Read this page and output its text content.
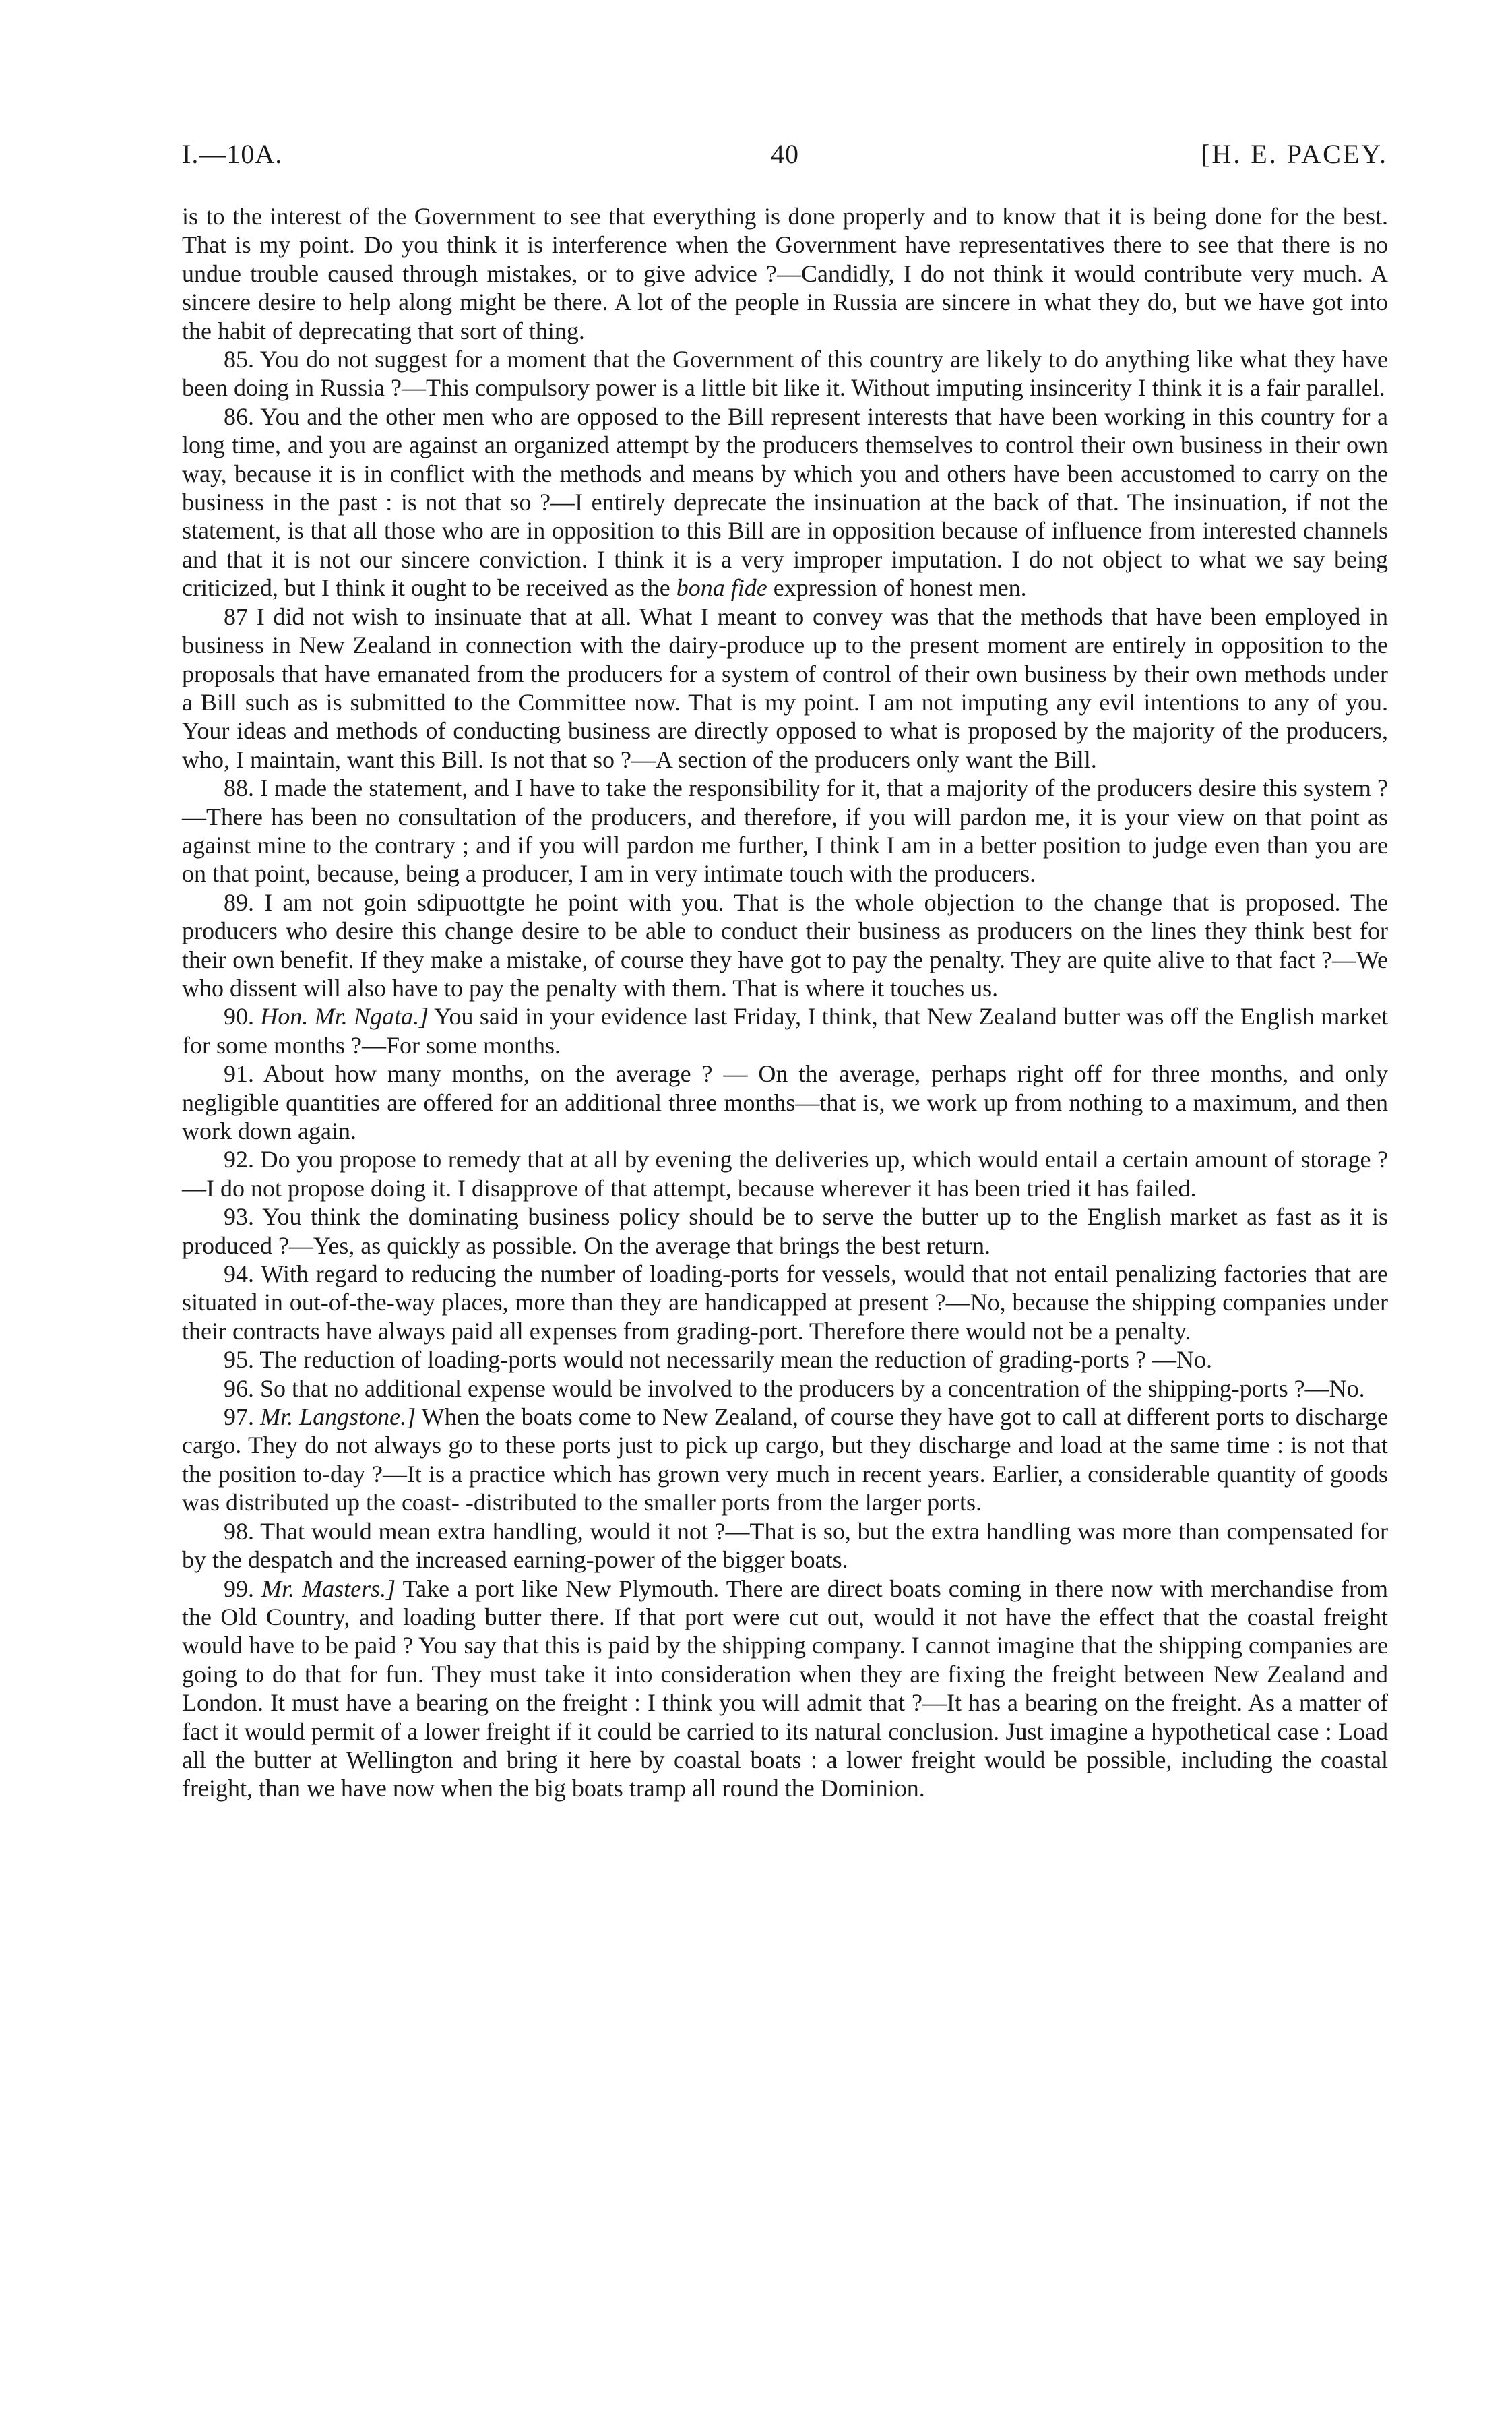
I.—10A.	40	[H. E. PACEY.

is to the interest of the Government to see that everything is done properly and to know that it is being done for the best. That is my point. Do you think it is interference when the Government have representatives there to see that there is no undue trouble caused through mistakes, or to give advice ?—Candidly, I do not think it would contribute very much. A sincere desire to help along might be there. A lot of the people in Russia are sincere in what they do, but we have got into the habit of deprecating that sort of thing.

85. You do not suggest for a moment that the Government of this country are likely to do anything like what they have been doing in Russia ?—This compulsory power is a little bit like it. Without imputing insincerity I think it is a fair parallel.

86. You and the other men who are opposed to the Bill represent interests that have been working in this country for a long time, and you are against an organized attempt by the producers themselves to control their own business in their own way, because it is in conflict with the methods and means by which you and others have been accustomed to carry on the business in the past : is not that so ?—I entirely deprecate the insinuation at the back of that. The insinuation, if not the statement, is that all those who are in opposition to this Bill are in opposition because of influence from interested channels and that it is not our sincere conviction. I think it is a very improper imputation. I do not object to what we say being criticized, but I think it ought to be received as the bona fide expression of honest men.

87 I did not wish to insinuate that at all. What I meant to convey was that the methods that have been employed in business in New Zealand in connection with the dairy-produce up to the present moment are entirely in opposition to the proposals that have emanated from the producers for a system of control of their own business by their own methods under a Bill such as is submitted to the Committee now. That is my point. I am not imputing any evil intentions to any of you. Your ideas and methods of conducting business are directly opposed to what is proposed by the majority of the producers, who, I maintain, want this Bill. Is not that so ?—A section of the producers only want the Bill.

88. I made the statement, and I have to take the responsibility for it, that a majority of the producers desire this system ?—There has been no consultation of the producers, and therefore, if you will pardon me, it is your view on that point as against mine to the contrary ; and if you will pardon me further, I think I am in a better position to judge even than you are on that point, because, being a producer, I am in very intimate touch with the producers.

89. I am not goin sdipuottgte he point with you. That is the whole objection to the change that is proposed. The producers who desire this change desire to be able to conduct their business as producers on the lines they think best for their own benefit. If they make a mistake, of course they have got to pay the penalty. They are quite alive to that fact ?—We who dissent will also have to pay the penalty with them. That is where it touches us.

90. Hon. Mr. Ngata.] You said in your evidence last Friday, I think, that New Zealand butter was off the English market for some months ?—For some months.

91. About how many months, on the average ? — On the average, perhaps right off for three months, and only negligible quantities are offered for an additional three months—that is, we work up from nothing to a maximum, and then work down again.

92. Do you propose to remedy that at all by evening the deliveries up, which would entail a certain amount of storage ?—I do not propose doing it. I disapprove of that attempt, because wherever it has been tried it has failed.

93. You think the dominating business policy should be to serve the butter up to the English market as fast as it is produced ?—Yes, as quickly as possible. On the average that brings the best return.

94. With regard to reducing the number of loading-ports for vessels, would that not entail penalizing factories that are situated in out-of-the-way places, more than they are handicapped at present ?—No, because the shipping companies under their contracts have always paid all expenses from grading-port. Therefore there would not be a penalty.

95. The reduction of loading-ports would not necessarily mean the reduction of grading-ports ? —No.

96. So that no additional expense would be involved to the producers by a concentration of the shipping-ports ?—No.

97. Mr. Langstone.] When the boats come to New Zealand, of course they have got to call at different ports to discharge cargo. They do not always go to these ports just to pick up cargo, but they discharge and load at the same time : is not that the position to-day ?—It is a practice which has grown very much in recent years. Earlier, a considerable quantity of goods was distributed up the coast- -distributed to the smaller ports from the larger ports.

98. That would mean extra handling, would it not ?—That is so, but the extra handling was more than compensated for by the despatch and the increased earning-power of the bigger boats.

99. Mr. Masters.] Take a port like New Plymouth. There are direct boats coming in there now with merchandise from the Old Country, and loading butter there. If that port were cut out, would it not have the effect that the coastal freight would have to be paid ? You say that this is paid by the shipping company. I cannot imagine that the shipping companies are going to do that for fun. They must take it into consideration when they are fixing the freight between New Zealand and London. It must have a bearing on the freight : I think you will admit that ?—It has a bearing on the freight. As a matter of fact it would permit of a lower freight if it could be carried to its natural conclusion. Just imagine a hypothetical case : Load all the butter at Wellington and bring it here by coastal boats : a lower freight would be possible, including the coastal freight, than we have now when the big boats tramp all round the Dominion.
